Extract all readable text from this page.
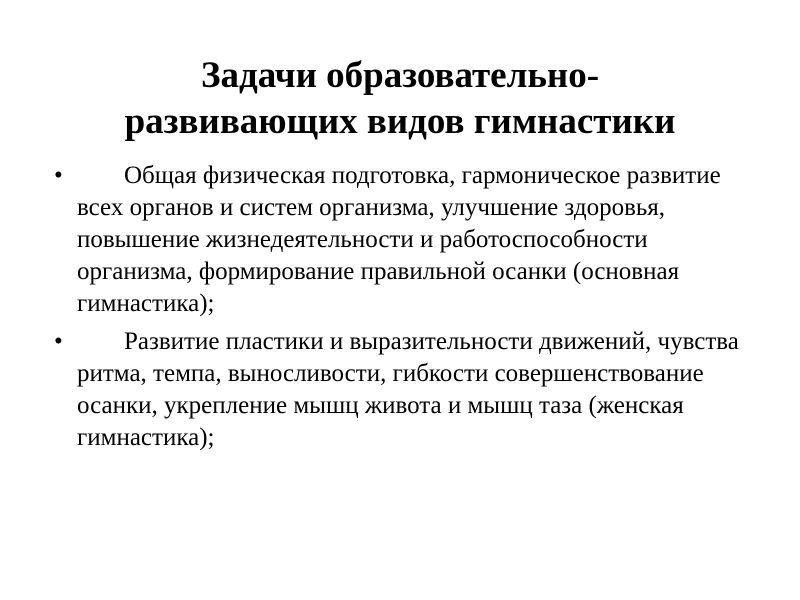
Задачи образовательно-
развивающих видов гимнастики
• Общая физическая подготовка, гармоническое развитие всех органов и систем организма, улучшение здоровья, повышение жизнедеятельности и работоспособности организма, формирование правильной осанки (основная гимнастика);
• Развитие пластики и выразительности движений, чувства ритма, темпа, выносливости, гибкости совершенствование осанки, укрепление мышц живота и мышц таза (женская гимнастика);
